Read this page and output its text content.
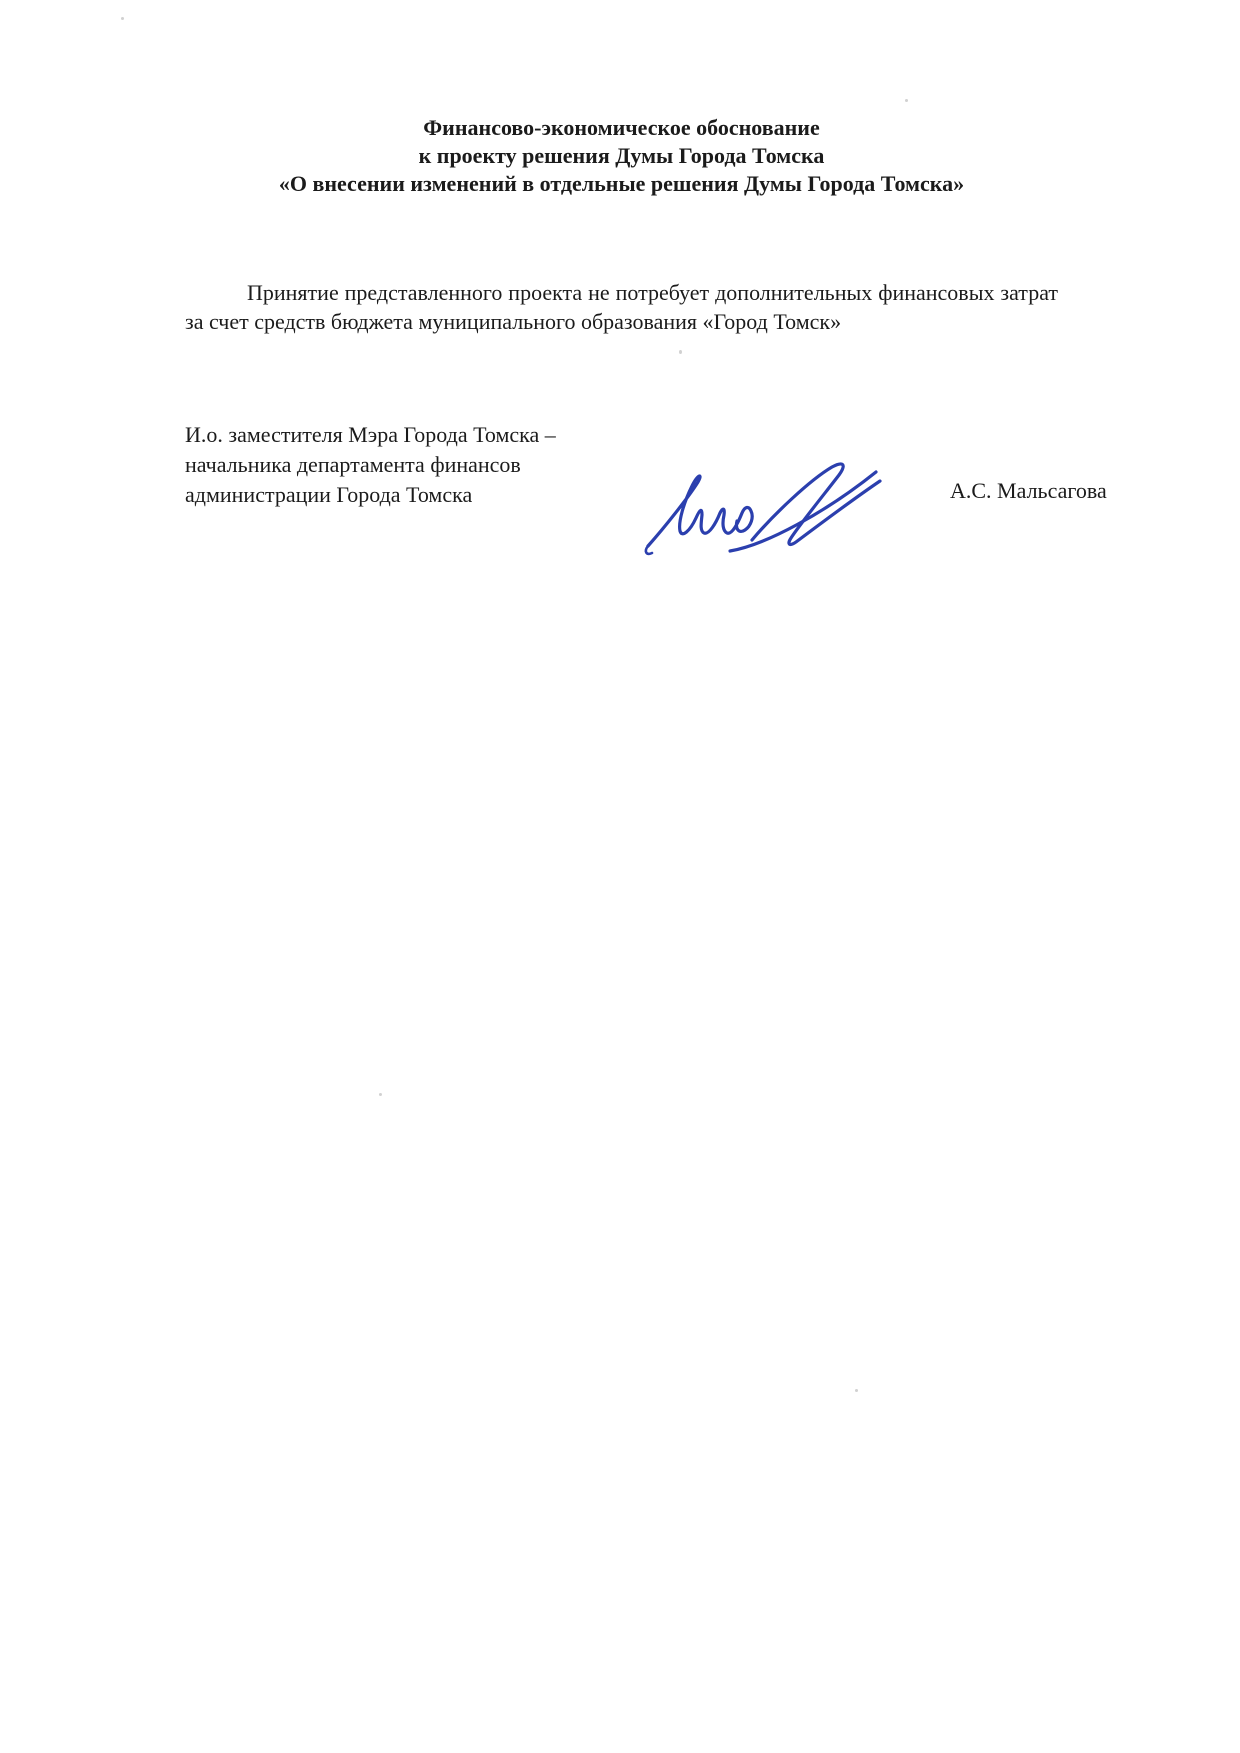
Финансово-экономическое обоснование
к проекту решения Думы Города Томска
«О внесении изменений в отдельные решения Думы Города Томска»
Принятие представленного проекта не потребует дополнительных финансовых затрат за счет средств бюджета муниципального образования «Город Томск»
И.о. заместителя Мэра Города Томска –
начальника департамента финансов
администрации Города Томска	А.С. Мальсагова
